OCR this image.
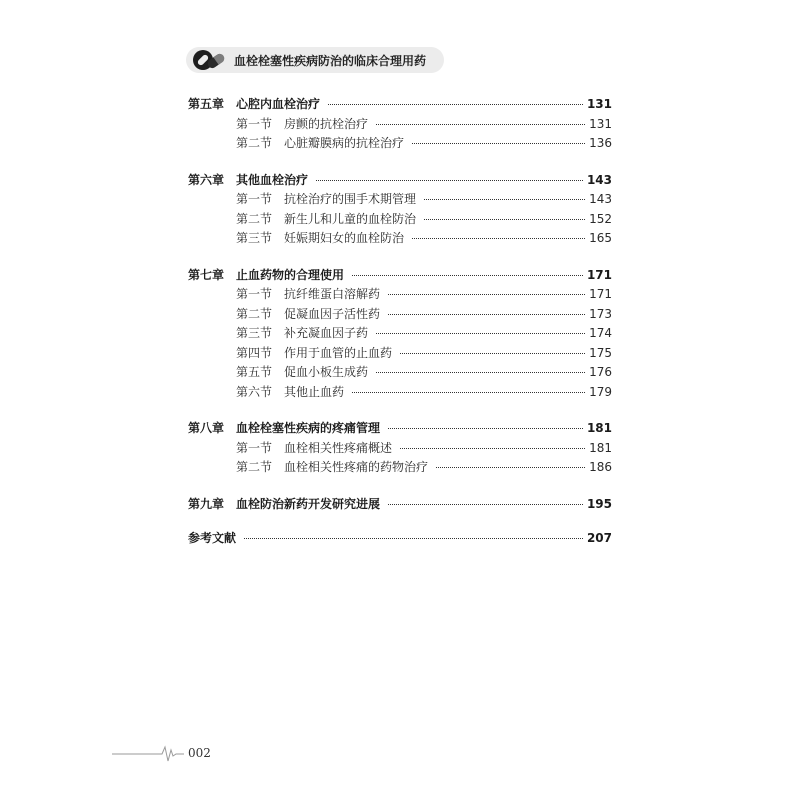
血栓栓塞性疾病防治的临床合理用药
第五章 心腔内血栓治疗	131
第一节 房颤的抗栓治疗	131
第二节 心脏瓣膜病的抗栓治疗	136
第六章 其他血栓治疗	143
第一节 抗栓治疗的围手术期管理	143
第二节 新生儿和儿童的血栓防治	152
第三节 妊娠期妇女的血栓防治	165
第七章 止血药物的合理使用	171
第一节 抗纤维蛋白溶解药	171
第二节 促凝血因子活性药	173
第三节 补充凝血因子药	174
第四节 作用于血管的止血药	175
第五节 促血小板生成药	176
第六节 其他止血药	179
第八章 血栓栓塞性疾病的疼痛管理	181
第一节 血栓相关性疼痛概述	181
第二节 血栓相关性疼痛的药物治疗	186
第九章 血栓防治新药开发研究进展	195
参考文献	207
002
